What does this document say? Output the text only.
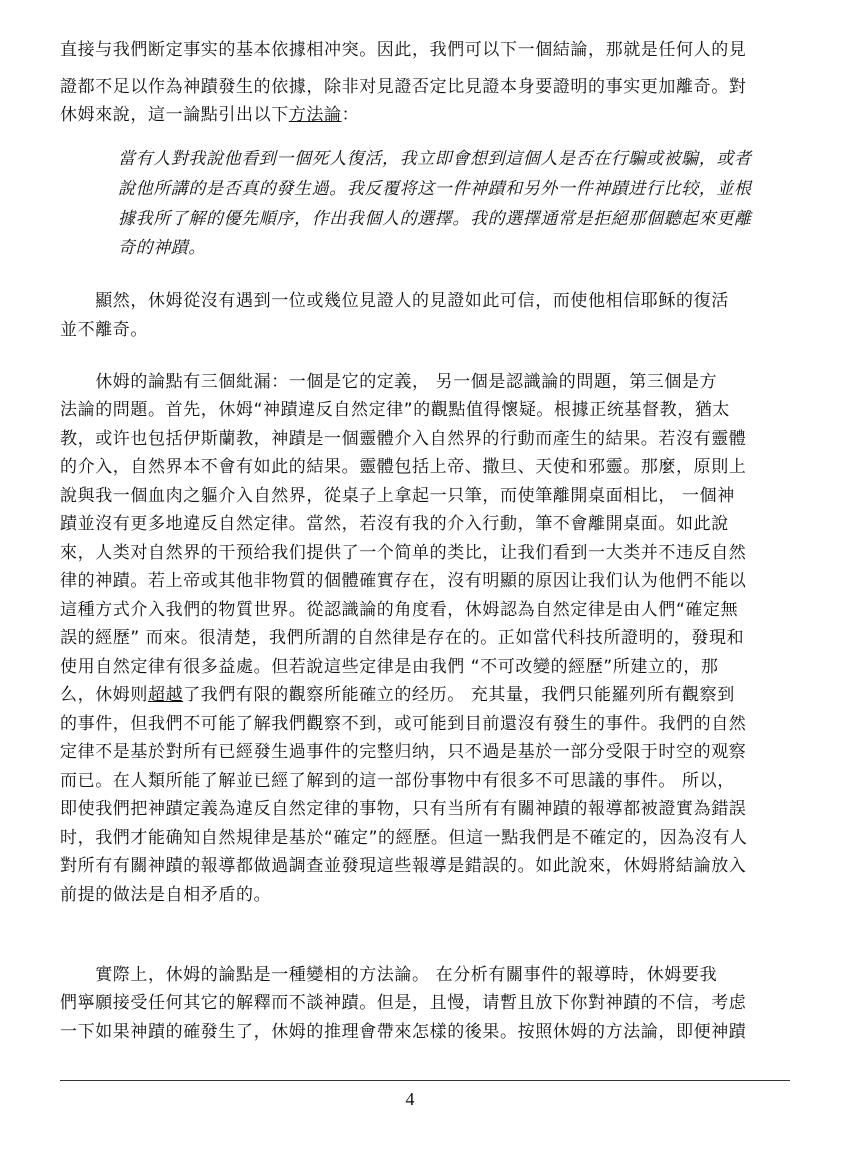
直接与我們断定事实的基本依據相冲突。因此，我們可以下一個結論，那就是任何人的見
證都不足以作為神蹟發生的依據，除非对見證否定比見證本身要證明的事实更加離奇。對
休姆來說，這一論點引出以下方法論：
當有人對我說他看到一個死人復活，我立即會想到這個人是否在行騙或被騙，或者
說他所講的是否真的發生過。我反覆将这一件神蹟和另外一件神蹟进行比较，並根
據我所了解的優先順序，作出我個人的選擇。我的選擇通常是拒絕那個聽起來更離
奇的神蹟。
　　顯然，休姆從沒有遇到一位或幾位見證人的見證如此可信，而使他相信耶稣的復活
並不離奇。
　　休姆的論點有三個紕漏：一個是它的定義， 另一個是認識論的問題，第三個是方
法論的問題。首先，休姆“神蹟違反自然定律”的觀點值得懷疑。根據正统基督教，猶太
教，或许也包括伊斯蘭教，神蹟是一個靈體介入自然界的行動而產生的結果。若沒有靈體
的介入，自然界本不會有如此的結果。靈體包括上帝、撒旦、天使和邪靈。那麼，原則上
說與我一個血肉之軀介入自然界，從桌子上拿起一只筆，而使筆離開桌面相比， 一個神
蹟並沒有更多地違反自然定律。當然，若沒有我的介入行動，筆不會離開桌面。如此說
來，人类对自然界的干预给我们提供了一个简单的类比，让我们看到一大类并不违反自然
律的神蹟。若上帝或其他非物質的個體確實存在，沒有明顯的原因让我们认为他們不能以
這種方式介入我們的物質世界。從認識論的角度看，休姆認為自然定律是由人們“確定無
誤的經歷” 而來。很清楚，我們所謂的自然律是存在的。正如當代科技所證明的，發現和
使用自然定律有很多益處。但若說這些定律是由我們 “不可改變的經歷”所建立的，那
么，休姆则超越了我們有限的觀察所能確立的经历。 充其量，我們只能羅列所有觀察到
的事件，但我們不可能了解我們觀察不到，或可能到目前還沒有發生的事件。我們的自然
定律不是基於對所有已經發生過事件的完整归纳，只不過是基於一部分受限于时空的观察
而已。在人類所能了解並已經了解到的這一部份事物中有很多不可思議的事件。 所以，
即使我們把神蹟定義為違反自然定律的事物，只有当所有有關神蹟的報導都被證實為錯誤
时，我們才能确知自然規律是基於“確定”的經歷。但這一點我們是不確定的，因為沒有人
對所有有關神蹟的報導都做過調查並發現這些報導是錯誤的。如此說來，休姆將結論放入
前提的做法是自相矛盾的。
　　實際上，休姆的論點是一種變相的方法論。 在分析有關事件的報導時，休姆要我
們寧願接受任何其它的解釋而不談神蹟。但是，且慢，请暫且放下你對神蹟的不信，考虑
一下如果神蹟的確發生了，休姆的推理會帶來怎樣的後果。按照休姆的方法論，即便神蹟
4
